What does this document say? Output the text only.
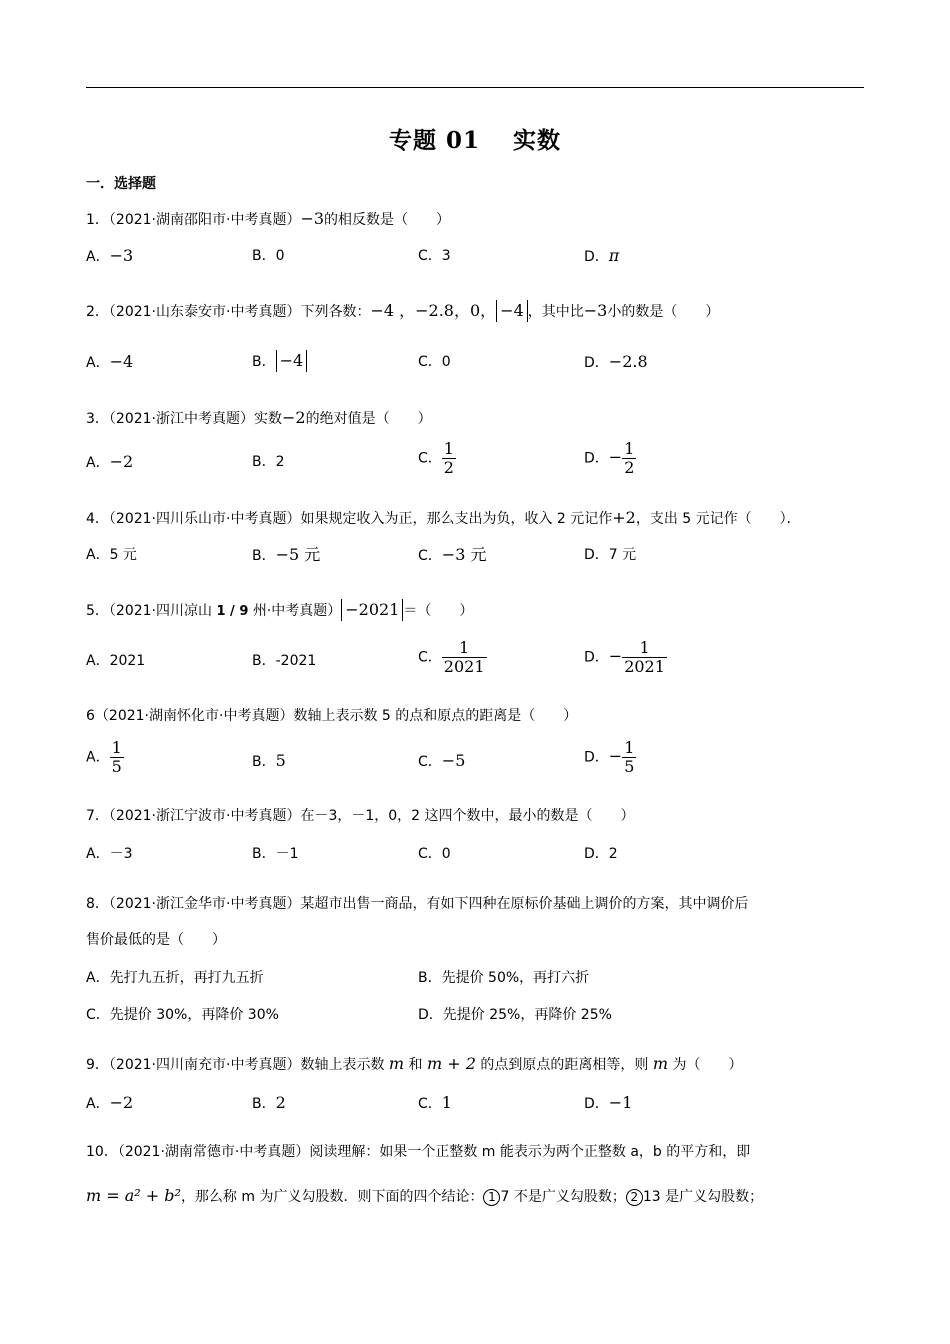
专题 01　 实数
一．选择题
1．（2021·湖南邵阳市·中考真题）−3的相反数是（　　）
A．−3	B．0	C．3	D．π
2．（2021·山东泰安市·中考真题）下列各数：−4 ，−2.8，0， −4 ，其中比−3小的数是（　　）
A．−4	B． −4	C．0	D．−2.8
3．（2021·浙江中考真题）实数−2的绝对值是（　　）
A．−2	B．2	C． $\frac{1}{2}$	D．− $\frac{1}{2}$
4．（2021·四川乐山市·中考真题）如果规定收入为正，那么支出为负，收入 2 元记作+2，支出 5 元记作（　　）．
A．5 元	B．−5 元	C．−3 元	D．7 元
5．（2021·四川凉山 1 / 9 州·中考真题） −2021 ＝（　　）
A．2021	B．-2021	C． $\frac{1}{2021}$	D．− $\frac{1}{2021}$
6（2021·湖南怀化市·中考真题）数轴上表示数 5 的点和原点的距离是（　　）
A． $\frac{1}{5}$	B．5	C．−5	D．− $\frac{1}{5}$
7．（2021·浙江宁波市·中考真题）在－3，－1，0，2 这四个数中，最小的数是（　　）
A．－3	B．－1	C．0	D．2
8．（2021·浙江金华市·中考真题）某超市出售一商品，有如下四种在原标价基础上调价的方案，其中调价后
售价最低的是（　　）
A．先打九五折，再打九五折	B．先提价 50%，再打六折
C．先提价 30%，再降价 30%	D．先提价 25%，再降价 25%
9．（2021·四川南充市·中考真题）数轴上表示数 m 和 m + 2 的点到原点的距离相等，则 m 为（　　）
A．−2	B．2	C．1	D．−1
10．（2021·湖南常德市·中考真题）阅读理解：如果一个正整数 m 能表示为两个正整数 a，b 的平方和，即
m = a² + b²，那么称 m 为广义勾股数．则下面的四个结论： 1 7 不是广义勾股数； 2 13 是广义勾股数；
